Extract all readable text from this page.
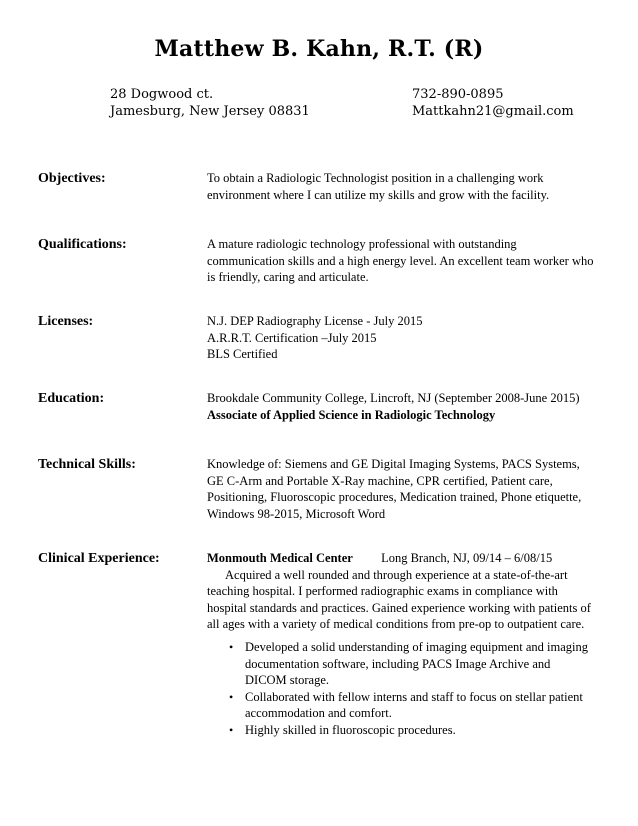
Matthew B. Kahn, R.T. (R)
28 Dogwood ct.
Jamesburg, New Jersey 08831
732-890-0895
Mattkahn21@gmail.com
Objectives:	To obtain a Radiologic Technologist position in a challenging work
environment where I can utilize my skills and grow with the facility.
Qualifications:	A mature radiologic technology professional with outstanding
communication skills and a high energy level. An excellent team worker who
is friendly, caring and articulate.
Licenses:	N.J. DEP Radiography License - July 2015
A.R.R.T. Certification –July 2015
BLS Certified
Education:	Brookdale Community College, Lincroft, NJ (September 2008-June 2015)
Associate of Applied Science in Radiologic Technology
Technical Skills:	Knowledge of: Siemens and GE Digital Imaging Systems, PACS Systems,
GE C-Arm and Portable X-Ray machine, CPR certified, Patient care,
Positioning, Fluoroscopic procedures, Medication trained, Phone etiquette,
Windows 98-2015, Microsoft Word
Clinical Experience:	Monmouth Medical Center Long Branch, NJ, 09/14 – 6/08/15
Acquired a well rounded and through experience at a state-of-the-art
teaching hospital. I performed radiographic exams in compliance with
hospital standards and practices. Gained experience working with patients of
all ages with a variety of medical conditions from pre-op to outpatient care.
• Developed a solid understanding of imaging equipment and imaging
documentation software, including PACS Image Archive and
DICOM storage.
• Collaborated with fellow interns and staff to focus on stellar patient
accommodation and comfort.
• Highly skilled in fluoroscopic procedures.
